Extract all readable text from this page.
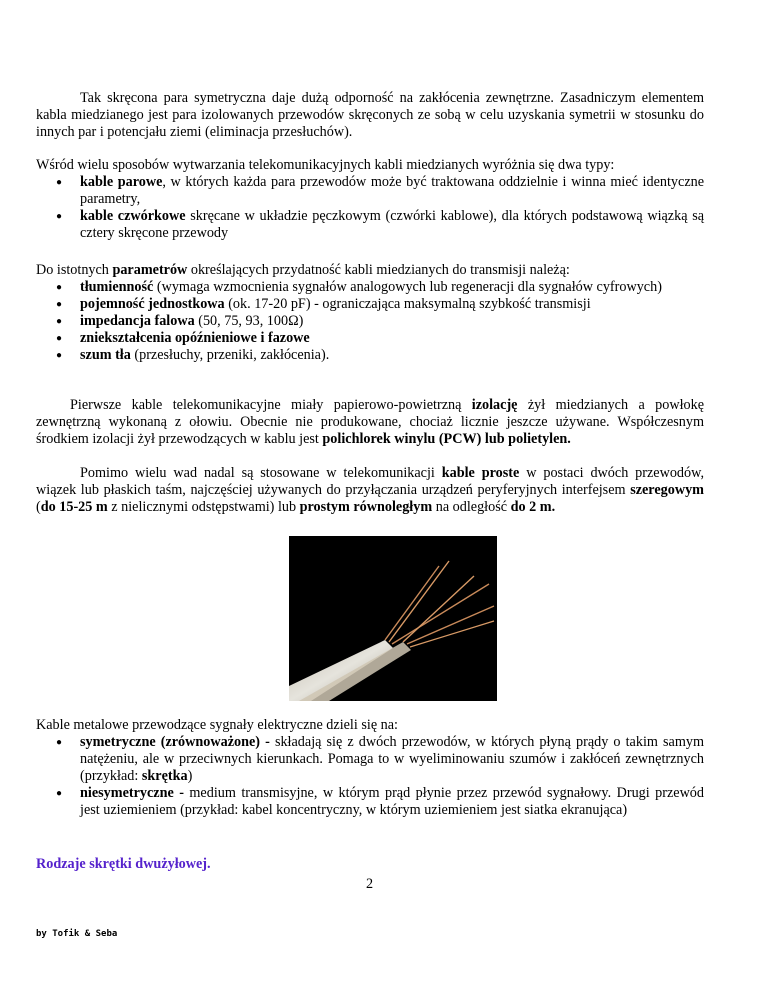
Tak skręcona para symetryczna daje dużą odporność na zakłócenia zewnętrzne. Zasadniczym elementem kabla miedzianego jest para izolowanych przewodów skręconych ze sobą w celu uzyskania symetrii w stosunku do innych par i potencjału ziemi (eliminacja przesłuchów).

Wśród wielu sposobów wytwarzania telekomunikacyjnych kabli miedzianych wyróżnia się dwa typy:

● kable parowe, w których każda para przewodów może być traktowana oddzielnie i winna mieć identyczne parametry,
● kable czwórkowe skręcane w układzie pęczkowym (czwórki kablowe), dla których podstawową wiązką są cztery skręcone przewody

Do istotnych parametrów określających przydatność kabli miedzianych do transmisji należą:

● tłumienność (wymaga wzmocnienia sygnałów analogowych lub regeneracji dla sygnałów cyfrowych)
● pojemność jednostkowa (ok. 17-20 pF) - ograniczająca maksymalną szybkość transmisji
● impedancja falowa (50, 75, 93, 100Ω)
● zniekształcenia opóźnieniowe i fazowe
● szum tła (przesłuchy, przeniki, zakłócenia).

Pierwsze kable telekomunikacyjne miały papierowo-powietrzną izolację żył miedzianych a powłokę zewnętrzną wykonaną z ołowiu. Obecnie nie produkowane, chociaż licznie jeszcze używane. Współczesnym środkiem izolacji żył przewodzących w kablu jest polichlorek winylu (PCW) lub polietylen.

Pomimo wielu wad nadal są stosowane w telekomunikacji kable proste w postaci dwóch przewodów, wiązek lub płaskich taśm, najczęściej używanych do przyłączania urządzeń peryferyjnych interfejsem szeregowym (do 15-25 m z nielicznymi odstępstwami) lub prostym równoległym na odległość do 2 m.

Kable metalowe przewodzące sygnały elektryczne dzieli się na:

● symetryczne (zrównoważone) - składają się z dwóch przewodów, w których płyną prądy o takim samym natężeniu, ale w przeciwnych kierunkach. Pomaga to w wyeliminowaniu szumów i zakłóceń zewnętrznych (przykład: skrętka)
● niesymetryczne - medium transmisyjne, w którym prąd płynie przez przewód sygnałowy. Drugi przewód jest uziemieniem (przykład: kabel koncentryczny, w którym uziemieniem jest siatka ekranująca)
Rodzaje skrętki dwużyłowej.
2
by Tofik & Seba
